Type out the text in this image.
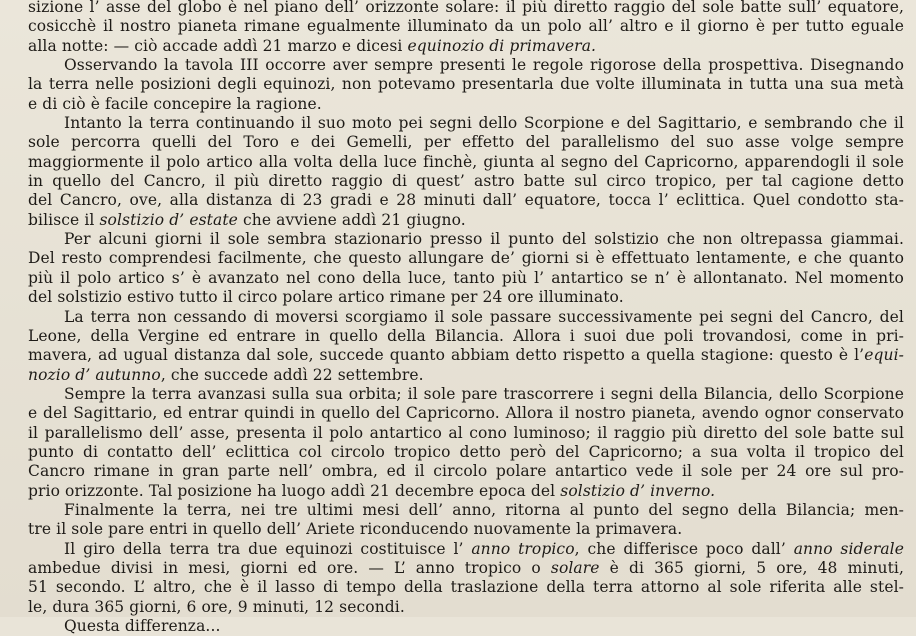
sizione l’ asse del globo è nel piano dell’ orizzonte solare: il più diretto raggio del sole batte sull’ equatore,
cosicchè il nostro pianeta rimane egualmente illuminato da un polo all’ altro e il giorno è per tutto eguale
alla notte: — ciò accade addì 21 marzo e dicesi equinozio di primavera.
Osservando la tavola III occorre aver sempre presenti le regole rigorose della prospettiva. Disegnando
la terra nelle posizioni degli equinozi, non potevamo presentarla due volte illuminata in tutta una sua metà
e di ciò è facile concepire la ragione.
Intanto la terra continuando il suo moto pei segni dello Scorpione e del Sagittario, e sembrando che il
sole percorra quelli del Toro e dei Gemelli, per effetto del parallelismo del suo asse volge sempre
maggiormente il polo artico alla volta della luce finchè, giunta al segno del Capricorno, apparendogli il sole
in quello del Cancro, il più diretto raggio di quest’ astro batte sul circo tropico, per tal cagione detto
del Cancro, ove, alla distanza di 23 gradi e 28 minuti dall’ equatore, tocca l’ eclittica. Quel condotto sta-
bilisce il solstizio d’ estate che avviene addì 21 giugno.
Per alcuni giorni il sole sembra stazionario presso il punto del solstizio che non oltrepassa giammai.
Del resto comprendesi facilmente, che questo allungare de’ giorni si è effettuato lentamente, e che quanto
più il polo artico s’ è avanzato nel cono della luce, tanto più l’ antartico se n’ è allontanato. Nel momento
del solstizio estivo tutto il circo polare artico rimane per 24 ore illuminato.
La terra non cessando di moversi scorgiamo il sole passare successivamente pei segni del Cancro, del
Leone, della Vergine ed entrare in quello della Bilancia. Allora i suoi due poli trovandosi, come in pri-
mavera, ad ugual distanza dal sole, succede quanto abbiam detto rispetto a quella stagione: questo è l’equi-
nozio d’ autunno, che succede addì 22 settembre.
Sempre la terra avanzasi sulla sua orbita; il sole pare trascorrere i segni della Bilancia, dello Scorpione
e del Sagittario, ed entrar quindi in quello del Capricorno. Allora il nostro pianeta, avendo ognor conservato
il parallelismo dell’ asse, presenta il polo antartico al cono luminoso; il raggio più diretto del sole batte sul
punto di contatto dell’ eclittica col circolo tropico detto però del Capricorno; a sua volta il tropico del
Cancro rimane in gran parte nell’ ombra, ed il circolo polare antartico vede il sole per 24 ore sul pro-
prio orizzonte. Tal posizione ha luogo addì 21 decembre epoca del solstizio d’ inverno.
Finalmente la terra, nei tre ultimi mesi dell’ anno, ritorna al punto del segno della Bilancia; men-
tre il sole pare entri in quello dell’ Ariete riconducendo nuovamente la primavera.
Il giro della terra tra due equinozi costituisce l’ anno tropico, che differisce poco dall’ anno siderale
ambedue divisi in mesi, giorni ed ore. — L’ anno tropico o solare è di 365 giorni, 5 ore, 48 minuti,
51 secondo. L’ altro, che è il lasso di tempo della traslazione della terra attorno al sole riferita alle stel-
le, dura 365 giorni, 6 ore, 9 minuti, 12 secondi.
Questa differenza...
